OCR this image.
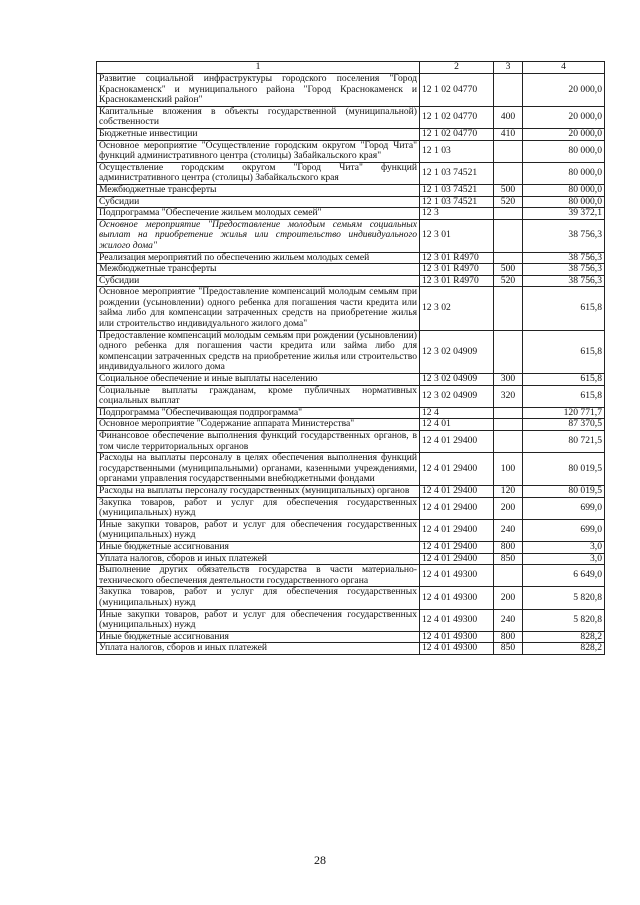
1	2	3	4
Развитие социальной инфраструктуры городского поселения "Город Краснокаменск" и муниципального района "Город Краснокаменск и Краснокаменский район"	12 1 02 04770		20 000,0
Капитальные вложения в объекты государственной (муниципальной) собственности	12 1 02 04770	400	20 000,0
Бюджетные инвестиции	12 1 02 04770	410	20 000,0
Основное мероприятие "Осуществление городским округом "Город Чита" функций административного центра (столицы) Забайкальского края"	12 1 03		80 000,0
Осуществление городским округом "Город Чита" функций административного центра (столицы) Забайкальского края	12 1 03 74521		80 000,0
Межбюджетные трансферты	12 1 03 74521	500	80 000,0
Субсидии	12 1 03 74521	520	80 000,0
Подпрограмма "Обеспечение жильем молодых семей"	12 3		39 372,1
Основное мероприятие "Предоставление молодым семьям социальных выплат на приобретение жилья или строительство индивидуального жилого дома"	12 3 01		38 756,3
Реализация мероприятий по обеспечению жильем молодых семей	12 3 01 R4970		38 756,3
Межбюджетные трансферты	12 3 01 R4970	500	38 756,3
Субсидии	12 3 01 R4970	520	38 756,3
Основное мероприятие "Предоставление компенсаций молодым семьям при рождении (усыновлении) одного ребенка для погашения части кредита или займа либо для компенсации затраченных средств на приобретение жилья или строительство индивидуального жилого дома"	12 3 02		615,8
Предоставление компенсаций молодым семьям при рождении (усыновлении) одного ребенка для погашения части кредита или займа либо для компенсации затраченных средств на приобретение жилья или строительство индивидуального жилого дома	12 3 02 04909		615,8
Социальное обеспечение и иные выплаты населению	12 3 02 04909	300	615,8
Социальные выплаты гражданам, кроме публичных нормативных социальных выплат	12 3 02 04909	320	615,8
Подпрограмма "Обеспечивающая подпрограмма"	12 4		120 771,7
Основное мероприятие "Содержание аппарата Министерства"	12 4 01		87 370,5
Финансовое обеспечение выполнения функций государственных органов, в том числе территориальных органов	12 4 01 29400		80 721,5
Расходы на выплаты персоналу в целях обеспечения выполнения функций государственными (муниципальными) органами, казенными учреждениями, органами управления государственными внебюджетными фондами	12 4 01 29400	100	80 019,5
Расходы на выплаты персоналу государственных (муниципальных) органов	12 4 01 29400	120	80 019,5
Закупка товаров, работ и услуг для обеспечения государственных (муниципальных) нужд	12 4 01 29400	200	699,0
Иные закупки товаров, работ и услуг для обеспечения государственных (муниципальных) нужд	12 4 01 29400	240	699,0
Иные бюджетные ассигнования	12 4 01 29400	800	3,0
Уплата налогов, сборов и иных платежей	12 4 01 29400	850	3,0
Выполнение других обязательств государства в части материально-технического обеспечения деятельности государственного органа	12 4 01 49300		6 649,0
Закупка товаров, работ и услуг для обеспечения государственных (муниципальных) нужд	12 4 01 49300	200	5 820,8
Иные закупки товаров, работ и услуг для обеспечения государственных (муниципальных) нужд	12 4 01 49300	240	5 820,8
Иные бюджетные ассигнования	12 4 01 49300	800	828,2
Уплата налогов, сборов и иных платежей	12 4 01 49300	850	828,2
28
